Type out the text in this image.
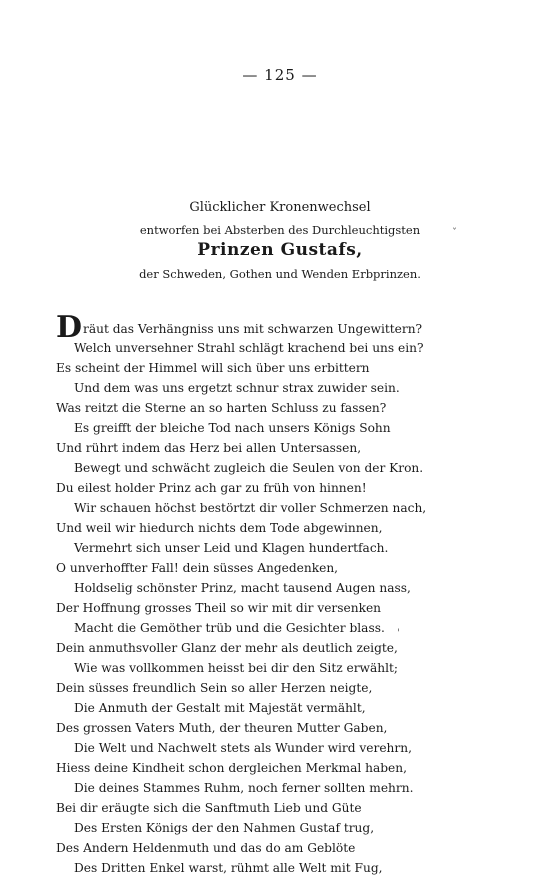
— 125 —
Glücklicher Kronenwechsel
entworfen bei Absterben des Durchleuchtigsten
Prinzen Gustafs,
der Schweden, Gothen und Wenden Erbprinzen.
ˇ
'
Dräut das Verhängniss uns mit schwarzen Ungewittern?
Welch unversehner Strahl schlägt krachend bei uns ein?
Es scheint der Himmel will sich über uns erbittern
Und dem was uns ergetzt schnur strax zuwider sein.
Was reitzt die Sterne an so harten Schluss zu fassen?
Es greifft der bleiche Tod nach unsers Königs Sohn
Und rührt indem das Herz bei allen Untersassen,
Bewegt und schwächt zugleich die Seulen von der Kron.
Du eilest holder Prinz ach gar zu früh von hinnen!
Wir schauen höchst bestörtzt dir voller Schmerzen nach,
Und weil wir hiedurch nichts dem Tode abgewinnen,
Vermehrt sich unser Leid und Klagen hundertfach.
O unverhoffter Fall! dein süsses Angedenken,
Holdselig schönster Prinz, macht tausend Augen nass,
Der Hoffnung grosses Theil so wir mit dir versenken
Macht die Gemöther trüb und die Gesichter blass.
Dein anmuthsvoller Glanz der mehr als deutlich zeigte,
Wie was vollkommen heisst bei dir den Sitz erwählt;
Dein süsses freundlich Sein so aller Herzen neigte,
Die Anmuth der Gestalt mit Majestät vermählt,
Des grossen Vaters Muth, der theuren Mutter Gaben,
Die Welt und Nachwelt stets als Wunder wird verehrn,
Hiess deine Kindheit schon dergleichen Merkmal haben,
Die deines Stammes Ruhm, noch ferner sollten mehrn.
Bei dir eräugte sich die Sanftmuth Lieb und Güte
Des Ersten Königs der den Nahmen Gustaf trug,
Des Andern Heldenmuth und das do am Geblöte
Des Dritten Enkel warst, rühmt alle Welt mit Fug,
